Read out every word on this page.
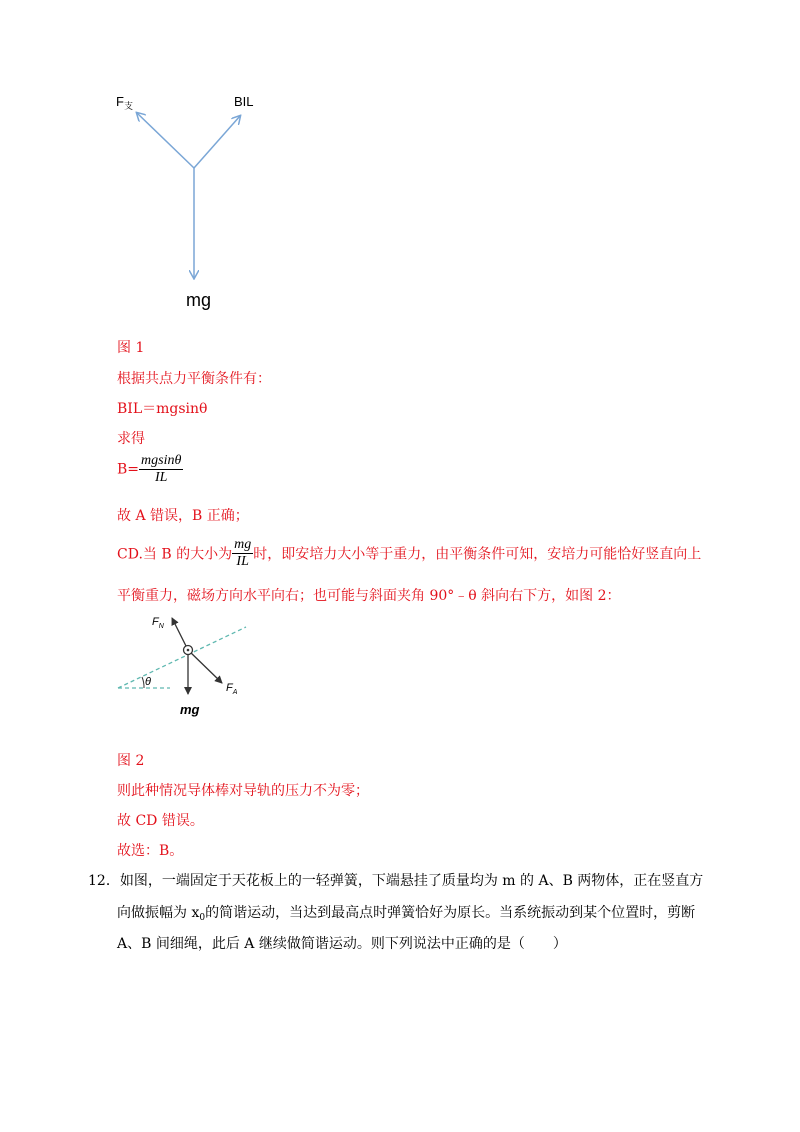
$F_支$	BIL
mg
图 1
根据共点力平衡条件有：
BIL＝mgsinθ
求得
$B= \frac{mgsin\theta}{IL}$
故 A 错误，B 正确；
CD.当 B 的大小为 $\frac{mg}{IL}$ 时，即安培力大小等于重力，由平衡条件可知，安培力可能恰好竖直向上
平衡重力，磁场方向水平向右；也可能与斜面夹角 90°﹣θ 斜向右下方，如图 2：
θ
$F_N$
$F_A$
mg
图 2
则此种情况导体棒对导轨的压力不为零；
故 CD 错误。
故选：B。
12．如图，一端固定于天花板上的一轻弹簧，下端悬挂了质量均为 m 的 A、B 两物体，正在竖直方
向做振幅为 $x_0$的简谐运动，当达到最高点时弹簧恰好为原长。当系统振动到某个位置时，剪断
A、B 间细绳，此后 A 继续做简谐运动。则下列说法中正确的是（　　）
